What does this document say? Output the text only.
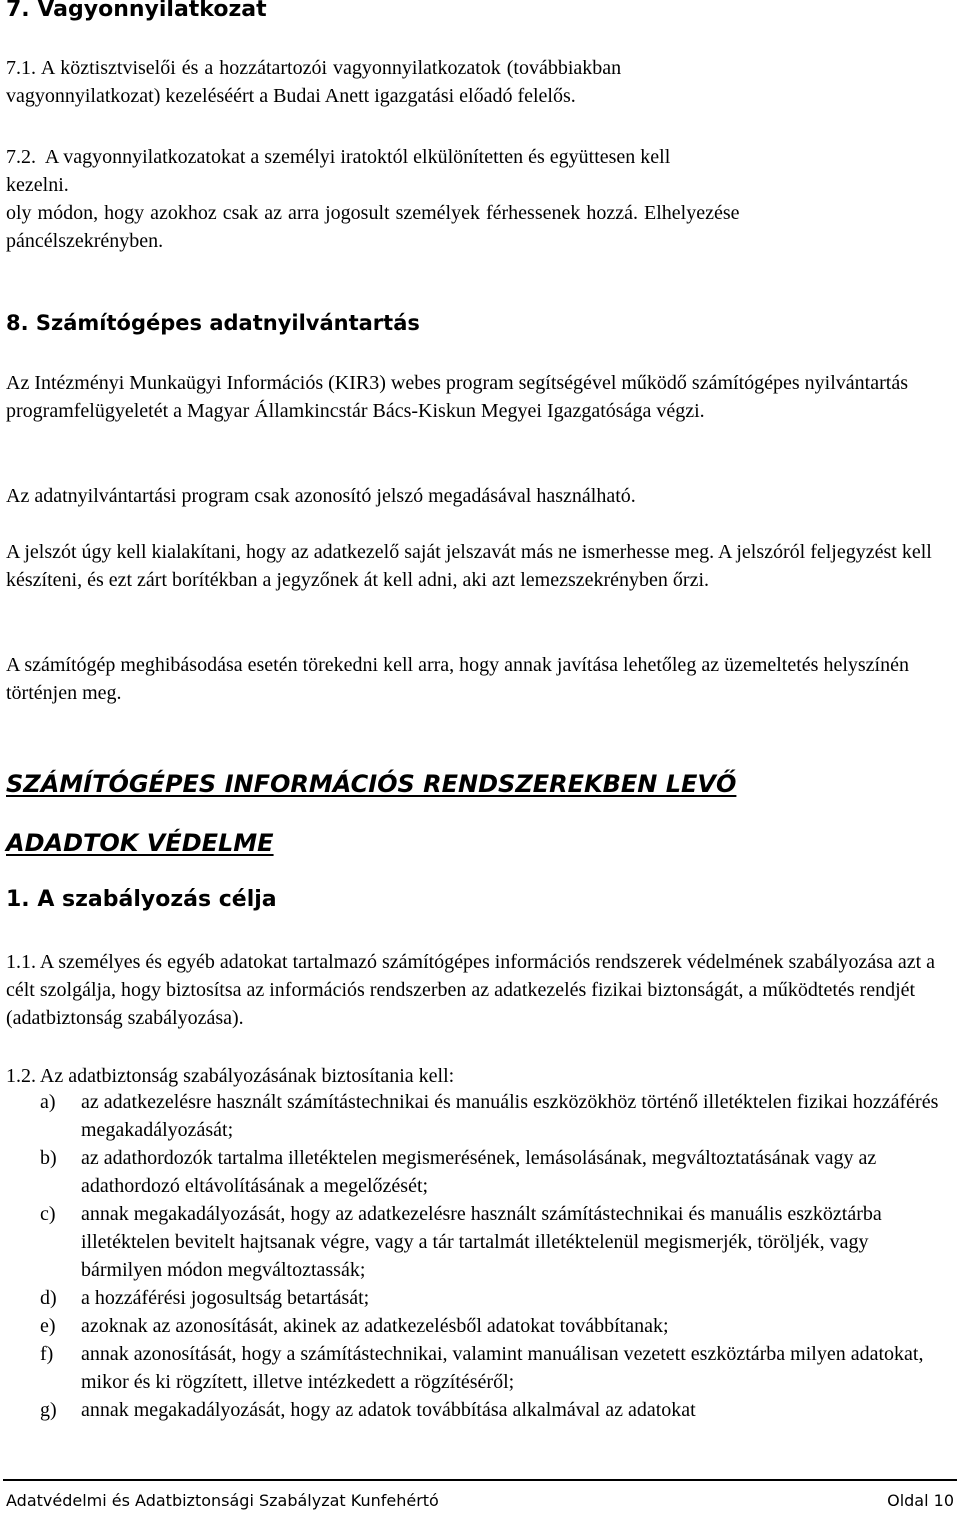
7. Vagyonnyilatkozat
7.1. A köztisztviselői és a hozzátartozói vagyonnyilatkozatok (továbbiakban
vagyonnyilatkozat) kezeléséért a Budai Anett igazgatási előadó felelős.
7.2.  A vagyonnyilatkozatokat a személyi iratoktól elkülönítetten és együttesen kell
kezelni.
oly módon, hogy azokhoz csak az arra jogosult személyek férhessenek hozzá. Elhelyezése
páncélszekrényben.
8. Számítógépes adatnyilvántartás

Az Intézményi Munkaügyi Információs (KIR3) webes program segítségével működő számítógépes nyilvántartás programfelügyeletét a Magyar Államkincstár Bács-Kiskun Megyei Igazgatósága végzi.

Az adatnyilvántartási program csak azonosító jelszó megadásával használható.

A jelszót úgy kell kialakítani, hogy az adatkezelő saját jelszavát más ne ismerhesse meg. A jelszóról feljegyzést kell készíteni, és ezt zárt borítékban a jegyzőnek át kell adni, aki azt lemezszekrényben őrzi.

A számítógép meghibásodása esetén törekedni kell arra, hogy annak javítása lehetőleg az üzemeltetés helyszínén történjen meg.

SZÁMÍTÓGÉPES INFORMÁCIÓS RENDSZEREKBEN LEVŐ
ADADTOK VÉDELME
1. A szabályozás célja

1.1. A személyes és egyéb adatokat tartalmazó számítógépes információs rendszerek védelmének szabályozása azt a célt szolgálja, hogy biztosítsa az információs rendszerben az adatkezelés fizikai biztonságát, a működtetés rendjét (adatbiztonság szabályozása).

1.2. Az adatbiztonság szabályozásának biztosítania kell:

a) az adatkezelésre használt számítástechnikai és manuális eszközökhöz történő illetéktelen fizikai hozzáférés megakadályozását;
b) az adathordozók tartalma illetéktelen megismerésének, lemásolásának, megváltoztatásának vagy az adathordozó eltávolításának a megelőzését;
c) annak megakadályozását, hogy az adatkezelésre használt számítástechnikai és manuális eszköztárba illetéktelen bevitelt hajtsanak végre, vagy a tár tartalmát illetéktelenül megismerjék, töröljék, vagy bármilyen módon megváltoztassák;
d) a hozzáférési jogosultság betartását;
e) azoknak az azonosítását, akinek az adatkezelésből adatokat továbbítanak;
f) annak azonosítását, hogy a számítástechnikai, valamint manuálisan vezetett eszköztárba milyen adatokat, mikor és ki rögzített, illetve intézkedett a rögzítéséről;
g) annak megakadályozását, hogy az adatok továbbítása alkalmával az adatokat
Adatvédelmi és Adatbiztonsági Szabályzat Kunfehértó	Oldal 10
